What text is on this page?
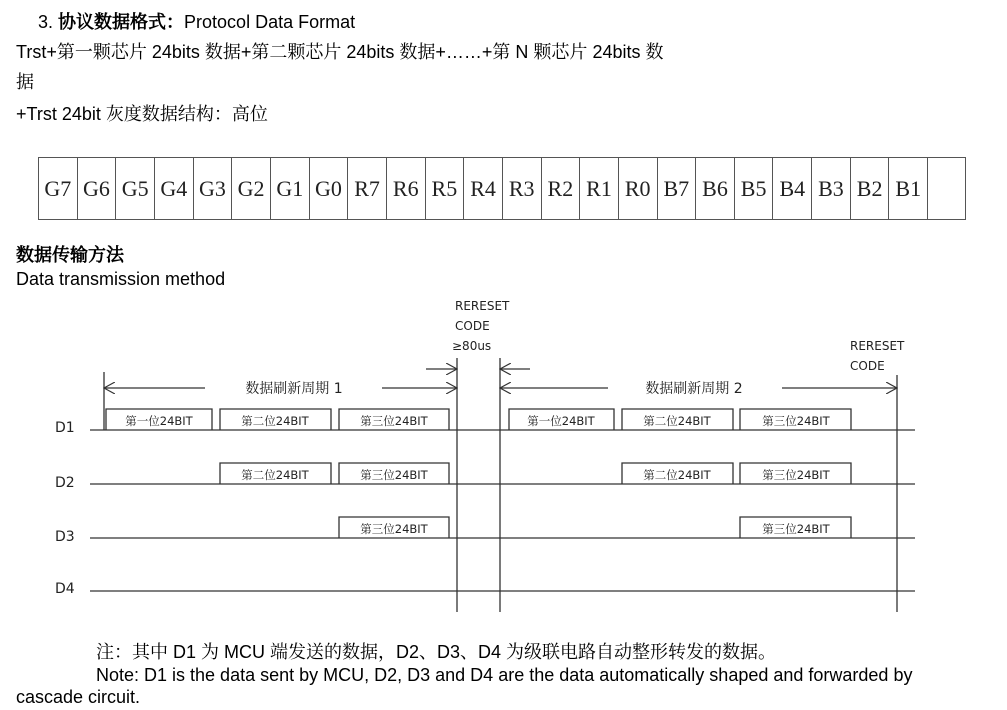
3. 协议数据格式：Protocol Data Format
Trst+第一颗芯片 24bits 数据+第二颗芯片 24bits 数据+……+第 N 颗芯片 24bits 数
据
+Trst 24bit 灰度数据结构：高位
G7 G6 G5 G4 G3 G2 G1 G0 R7 R6 R5 R4 R3 R2 R1 R0 B7 B6 B5 B4 B3 B2 B1
数据传输方法
Data transmission method
RERESET
CODE
≥80us	RERESET
CODE
数据刷新周期 1	数据刷新周期 2
D1
D2
D3
D4
第一位24BIT	第二位24BIT	第三位24BIT	第一位24BIT	第二位24BIT	第三位24BIT
第二位24BIT	第三位24BIT	第二位24BIT	第三位24BIT
第三位24BIT	第三位24BIT
注：其中 D1 为 MCU 端发送的数据，D2、D3、D4 为级联电路自动整形转发的数据。
Note: D1 is the data sent by MCU, D2, D3 and D4 are the data automatically shaped and forwarded by
cascade circuit.
